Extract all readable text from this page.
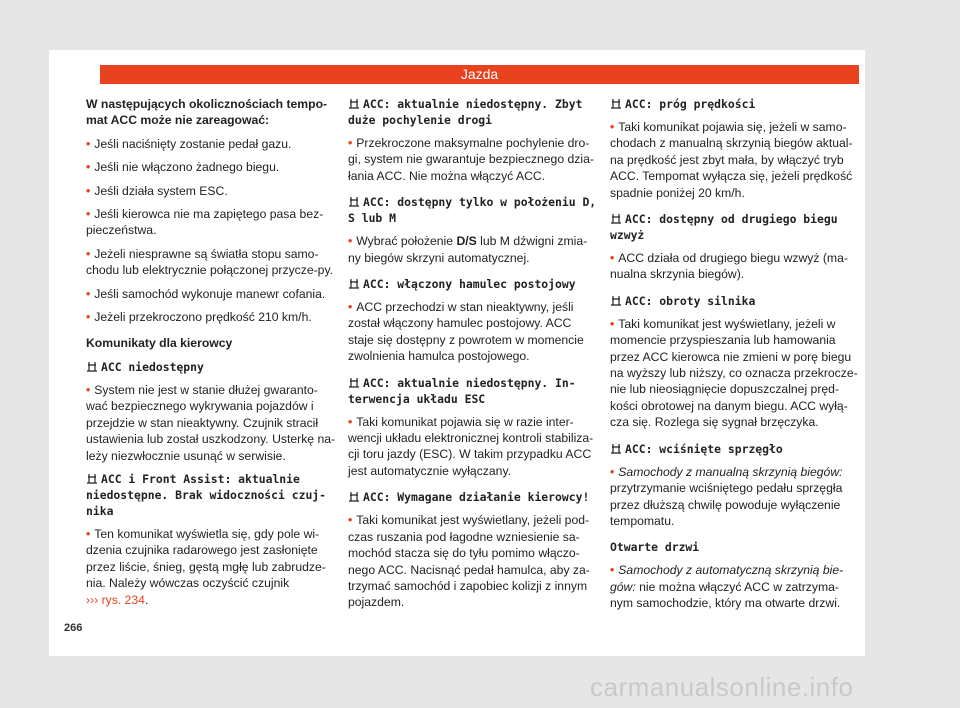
Jazda

W następujących okolicznościach tempo-mat ACC może nie zareagować:

• Jeśli naciśnięty zostanie pedał gazu.

• Jeśli nie włączono żadnego biegu.

• Jeśli działa system ESC.

• Jeśli kierowca nie ma zapiętego pasa bez-pieczeństwa.

• Jeżeli niesprawne są światła stopu samo-chodu lub elektrycznie połączonej przycze-py.

• Jeśli samochód wykonuje manewr cofania.

• Jeżeli przekroczono prędkość 210 km/h.

Komunikaty dla kierowcy

ACC niedostępny

• System nie jest w stanie dłużej gwaranto-wać bezpiecznego wykrywania pojazdów i przejdzie w stan nieaktywny. Czujnik stracił ustawienia lub został uszkodzony. Usterkę na-leży niezwłocznie usunąć w serwisie.

ACC i Front Assist: aktualnie niedostępne. Brak widoczności czuj-nika

• Ten komunikat wyświetla się, gdy pole wi-dzenia czujnika radarowego jest zasłonięte przez liście, śnieg, gęstą mgłę lub zabrudze-nia. Należy wówczas oczyścić czujnik
››› rys. 234.

ACC: aktualnie niedostępny. Zbyt duże pochylenie drogi

• Przekroczone maksymalne pochylenie dro-gi, system nie gwarantuje bezpiecznego dzia-łania ACC. Nie można włączyć ACC.

ACC: dostępny tylko w położeniu D, S lub M

• Wybrać położenie D/S lub M dźwigni zmia-ny biegów skrzyni automatycznej.

ACC: włączony hamulec postojowy

• ACC przechodzi w stan nieaktywny, jeśli został włączony hamulec postojowy. ACC staje się dostępny z powrotem w momencie zwolnienia hamulca postojowego.

ACC: aktualnie niedostępny. In-terwencja układu ESC

• Taki komunikat pojawia się w razie inter-wencji układu elektronicznej kontroli stabiliza-cji toru jazdy (ESC). W takim przypadku ACC jest automatycznie wyłączany.

ACC: Wymagane działanie kierowcy!

• Taki komunikat jest wyświetlany, jeżeli pod-czas ruszania pod łagodne wzniesienie sa-mochód stacza się do tyłu pomimo włączo-nego ACC. Nacisnąć pedał hamulca, aby za-trzymać samochód i zapobiec kolizji z innym pojazdem.

ACC: próg prędkości

• Taki komunikat pojawia się, jeżeli w samo-chodach z manualną skrzynią biegów aktual-na prędkość jest zbyt mała, by włączyć tryb ACC. Tempomat wyłącza się, jeżeli prędkość spadnie poniżej 20 km/h.

ACC: dostępny od drugiego biegu wzwyż

• ACC działa od drugiego biegu wzwyż (ma-nualna skrzynia biegów).

ACC: obroty silnika

• Taki komunikat jest wyświetlany, jeżeli w momencie przyspieszania lub hamowania przez ACC kierowca nie zmieni w porę biegu na wyższy lub niższy, co oznacza przekrocze-nie lub nieosiągnięcie dopuszczalnej pręd-kości obrotowej na danym biegu. ACC wyłą-cza się. Rozlega się sygnał brzęczyka.

ACC: wciśnięte sprzęgło

• Samochody z manualną skrzynią biegów:
przytrzymanie wciśniętego pedału sprzęgła przez dłuższą chwilę powoduje wyłączenie tempomatu.

Otwarte drzwi

• Samochody z automatyczną skrzynią bie-gów: nie można włączyć ACC w zatrzyma-nym samochodzie, który ma otwarte drzwi.

266
carmanualsonline.info
